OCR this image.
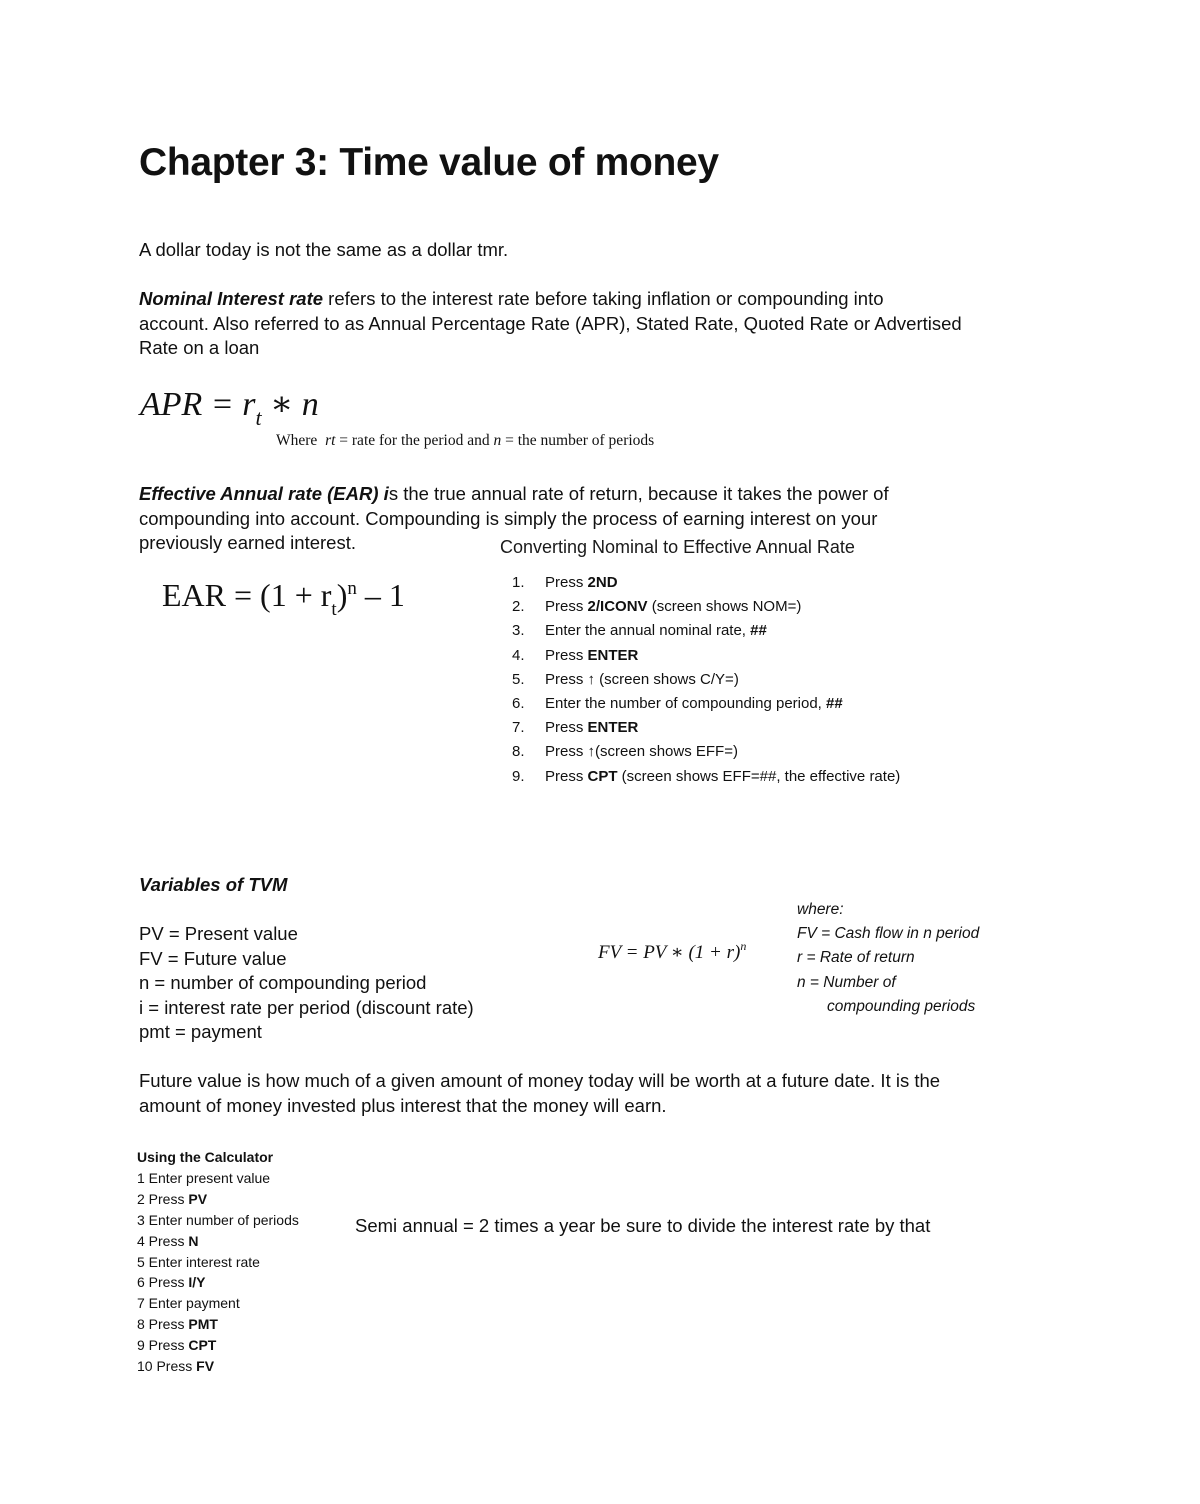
Chapter 3: Time value of money
A dollar today is not the same as a dollar tmr.
Nominal Interest rate refers to the interest rate before taking inflation or compounding into
account. Also referred to as Annual Percentage Rate (APR), Stated Rate, Quoted Rate or Advertised
Rate on a loan
APR = $r_t$ ∗ n
Where rt = rate for the period and n = the number of periods
Effective Annual rate (EAR) is the true annual rate of return, because it takes the power of
compounding into account. Compounding is simply the process of earning interest on your
previously earned interest.
EAR = $(1 + r_t)^n - 1$
Converting Nominal to Effective Annual Rate
1. Press 2ND
2. Press 2/ICONV (screen shows NOM=)
3. Enter the annual nominal rate, ##
4. Press ENTER
5. Press ↑ (screen shows C/Y=)
6. Enter the number of compounding period, ##
7. Press ENTER
8. Press ↑(screen shows EFF=)
9. Press CPT (screen shows EFF=##, the effective rate)
Variables of TVM
PV = Present value
FV = Future value
n = number of compounding period
i = interest rate per period (discount rate)
pmt = payment
FV = PV ∗ $(1 + r)^n$
where:
FV = Cash flow in n period
r = Rate of return
n = Number of
compounding periods
Future value is how much of a given amount of money today will be worth at a future date. It is the
amount of money invested plus interest that the money will earn.
Using the Calculator
1 Enter present value
2 Press PV
3 Enter number of periods
4 Press N
5 Enter interest rate
6 Press I/Y
7 Enter payment
8 Press PMT
9 Press CPT
10 Press FV
Semi annual = 2 times a year be sure to divide the interest rate by that
